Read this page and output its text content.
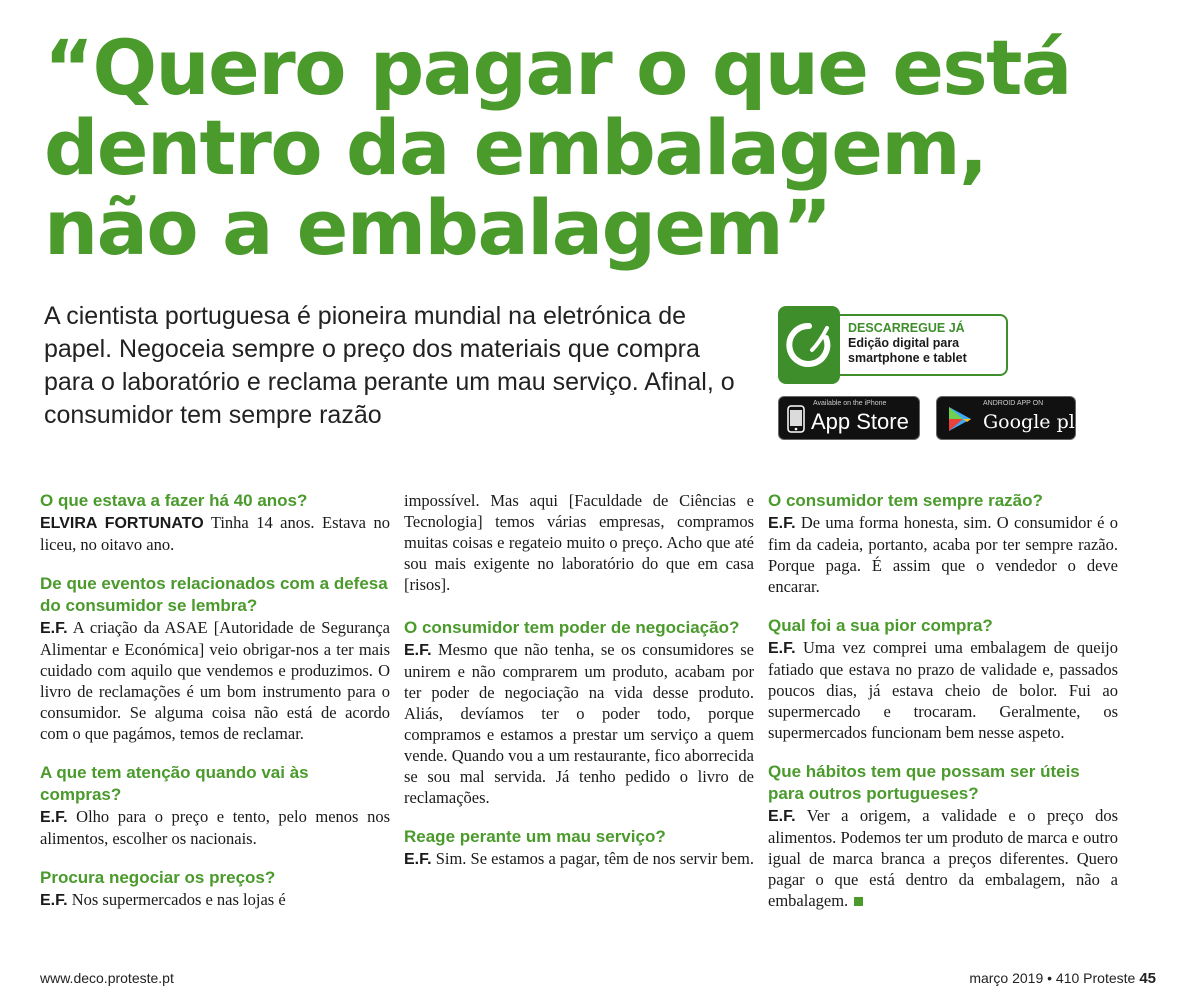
“Quero pagar o que está
dentro da embalagem,
não a embalagem”

A cientista portuguesa é pioneira mundial na eletrónica de papel. Negoceia sempre o preço dos materiais que compra para o laboratório e reclama perante um mau serviço. Afinal, o consumidor tem sempre razão

DESCARREGUE JÁ
Edição digital para
smartphone e tablet
Available on the iPhone
App Store
ANDROID APP ON
Google play

O que estava a fazer há 40 anos?

ELVIRA FORTUNATO Tinha 14 anos. Estava no liceu, no oitavo ano.

De que eventos relacionados com a defesa do consumidor se lembra?

E.F. A criação da ASAE [Autoridade de Segurança Alimentar e Económica] veio obrigar-nos a ter mais cuidado com aquilo que vendemos e produzimos. O livro de reclamações é um bom instrumento para o consumidor. Se alguma coisa não está de acordo com o que pagámos, temos de reclamar.

A que tem atenção quando vai às compras?

E.F. Olho para o preço e tento, pelo menos nos alimentos, escolher os nacionais.

Procura negociar os preços?

E.F. Nos supermercados e nas lojas é

impossível. Mas aqui [Faculdade de Ciências e Tecnologia] temos várias empresas, compramos muitas coisas e regateio muito o preço. Acho que até sou mais exigente no laboratório do que em casa [risos].

O consumidor tem poder de negociação?

E.F. Mesmo que não tenha, se os consumidores se unirem e não comprarem um produto, acabam por ter poder de negociação na vida desse produto. Aliás, devíamos ter o poder todo, porque compramos e estamos a prestar um serviço a quem vende. Quando vou a um restaurante, fico aborrecida se sou mal servida. Já tenho pedido o livro de reclamações.

Reage perante um mau serviço?

E.F. Sim. Se estamos a pagar, têm de nos servir bem.

O consumidor tem sempre razão?

E.F. De uma forma honesta, sim. O consumidor é o fim da cadeia, portanto, acaba por ter sempre razão. Porque paga. É assim que o vendedor o deve encarar.

Qual foi a sua pior compra?

E.F. Uma vez comprei uma embalagem de queijo fatiado que estava no prazo de validade e, passados poucos dias, já estava cheio de bolor. Fui ao supermercado e trocaram. Geralmente, os supermercados funcionam bem nesse aspeto.

Que hábitos tem que possam ser úteis para outros portugueses?

E.F. Ver a origem, a validade e o preço dos alimentos. Podemos ter um produto de marca e outro igual de marca branca a preços diferentes. Quero pagar o que está dentro da embalagem, não a embalagem.

www.deco.proteste.pt	março 2019 • 410 Proteste 45
